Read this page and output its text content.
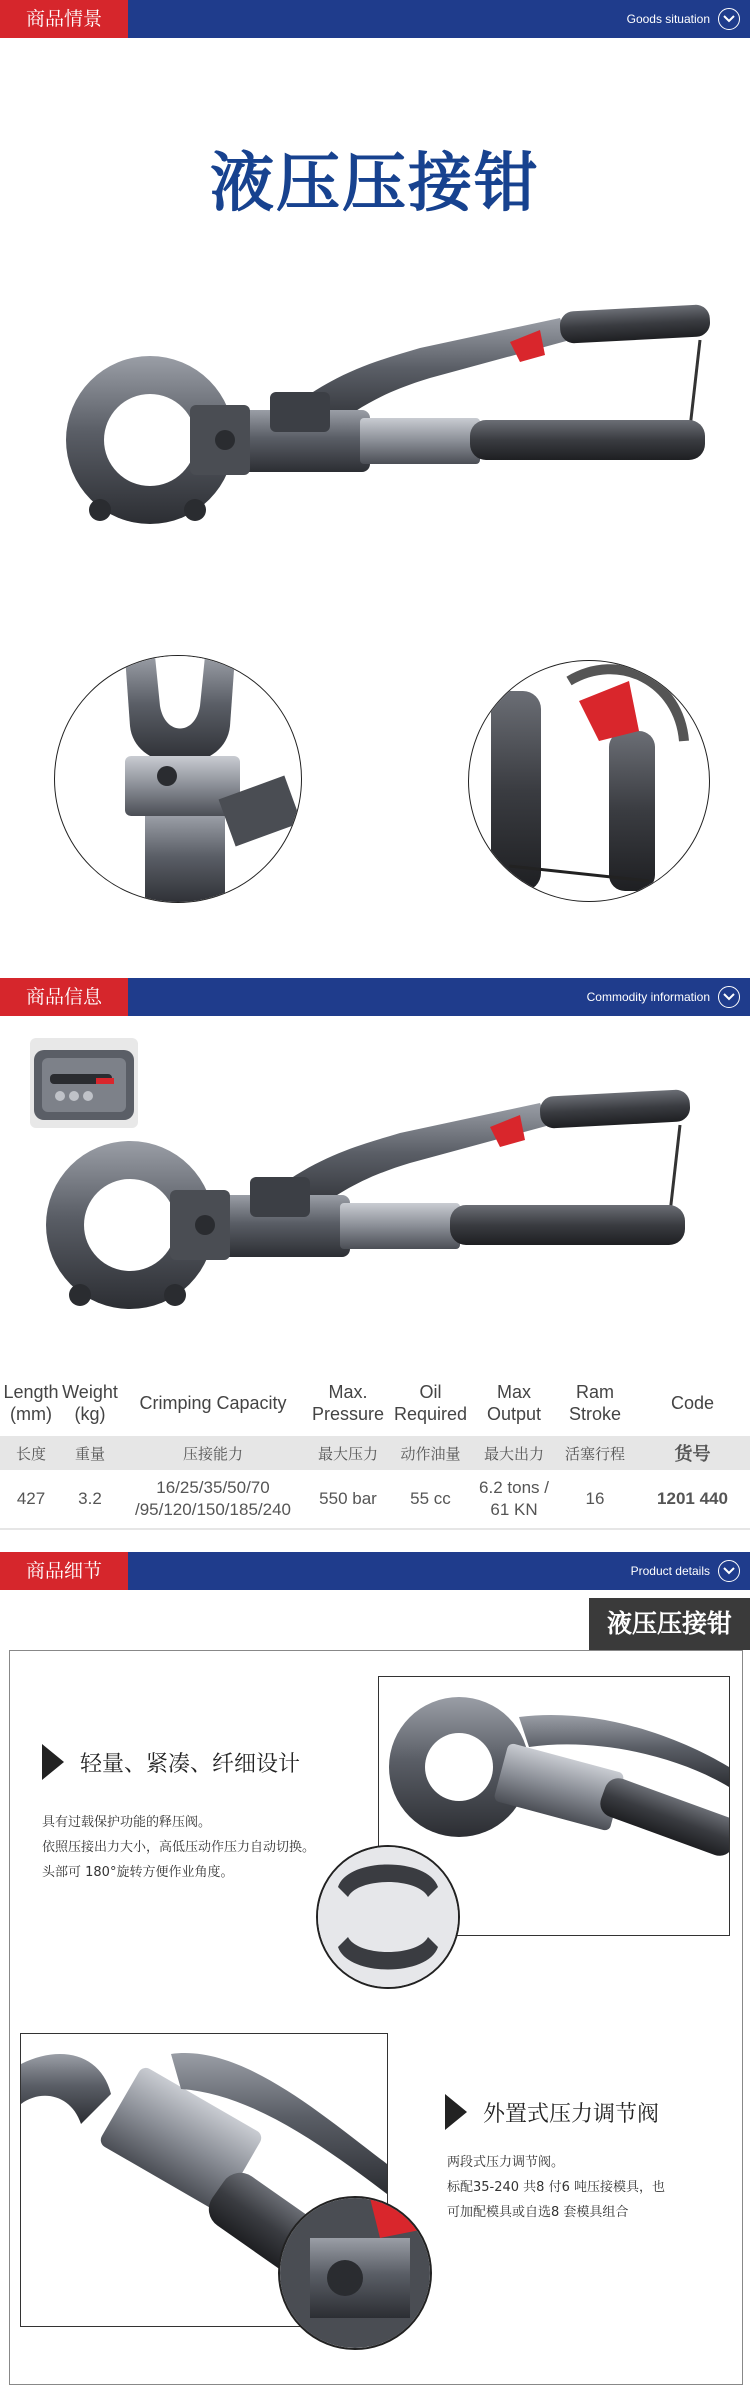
商品情景	Goods situation
液压压接钳
商品信息	Commodity information
Length (mm)	Weight (kg)	Crimping Capacity	Max. Pressure	Oil Required	Max Output	Ram Stroke	Code
长度	重量	压接能力	最大压力	动作油量	最大出力	活塞行程	货号
427	3.2	16/25/35/50/70 /95/120/150/185/240	550 bar	55 cc	6.2 tons / 61 KN	16	1201 440
商品细节	Product details
液压压接钳
轻量、紧凑、纤细设计
具有过载保护功能的释压阀。
依照压接出力大小，高低压动作压力自动切换。
头部可 180°旋转方便作业角度。
外置式压力调节阀
两段式压力调节阀。
标配35-240 共8 付6 吨压接模具，也
可加配模具或自选8 套模具组合
